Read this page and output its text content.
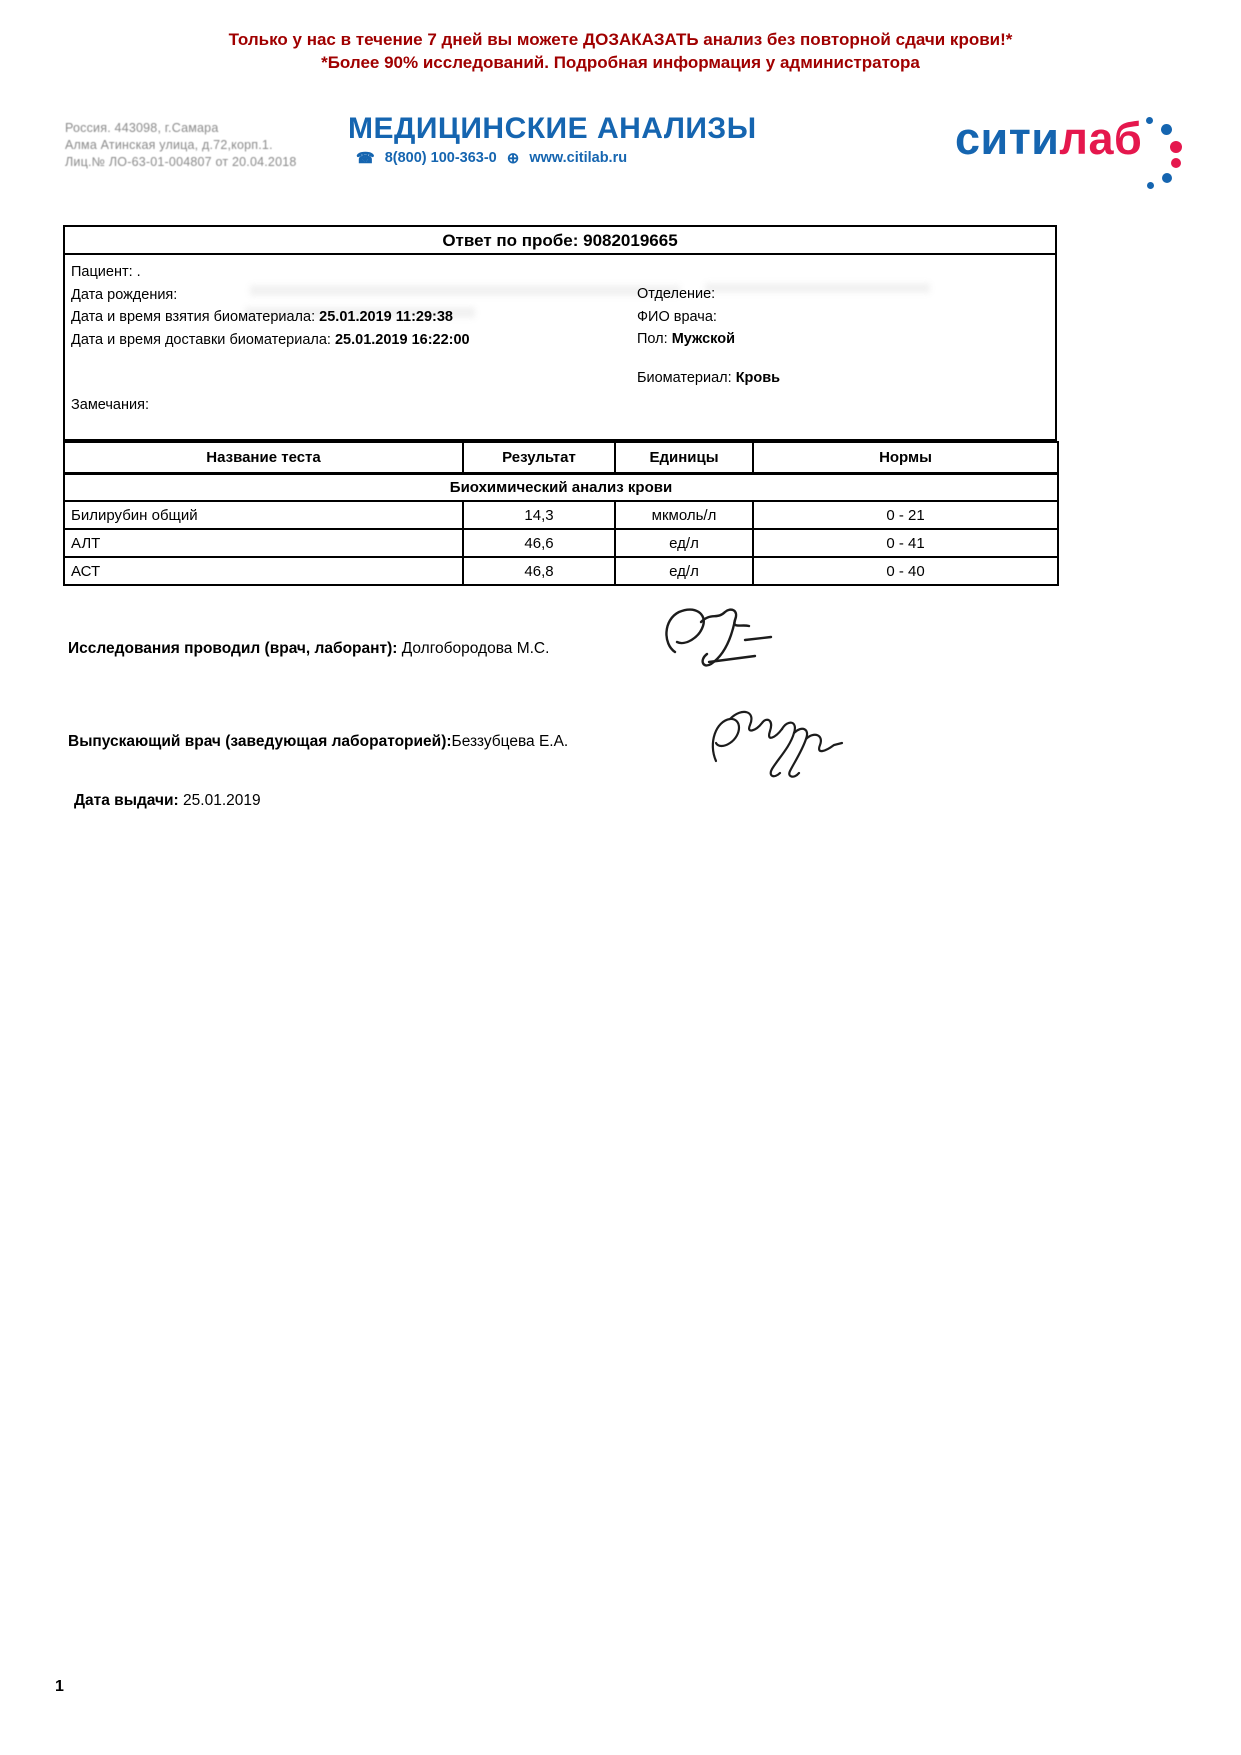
Только у нас в течение 7 дней вы можете ДОЗАКАЗАТЬ анализ без повторной сдачи крови!*
*Более 90% исследований. Подробная информация у администратора
Россия. 443098, г.Самара
Алма Атинская улица, д.72,корп.1.
Лиц.№ ЛО-63-01-004807 от 20.04.2018
МЕДИЦИНСКИЕ АНАЛИЗЫ
☎ 8(800) 100-363-0 ⊕ www.citilab.ru	ситилаб
Ответ по пробе: 9082019665
Пациент: .
Дата рождения:
Дата и время взятия биоматериала: 25.01.2019 11:29:38
Дата и время доставки биоматериала: 25.01.2019 16:22:00
Отделение:
ФИО врача:
Пол: Мужской
Биоматериал: Кровь
Замечания:
Биохимический анализ крови			
Название теста	Результат	Единицы	Нормы
Билирубин общий	14,3	мкмоль/л	0 - 21
АЛТ	46,6	ед/л	0 - 41
АСТ	46,8	ед/л	0 - 40
Исследования проводил (врач, лаборант): Долгобородова М.С.
Выпускающий врач (заведующая лабораторией):Беззубцева Е.А.
Дата выдачи: 25.01.2019
1
